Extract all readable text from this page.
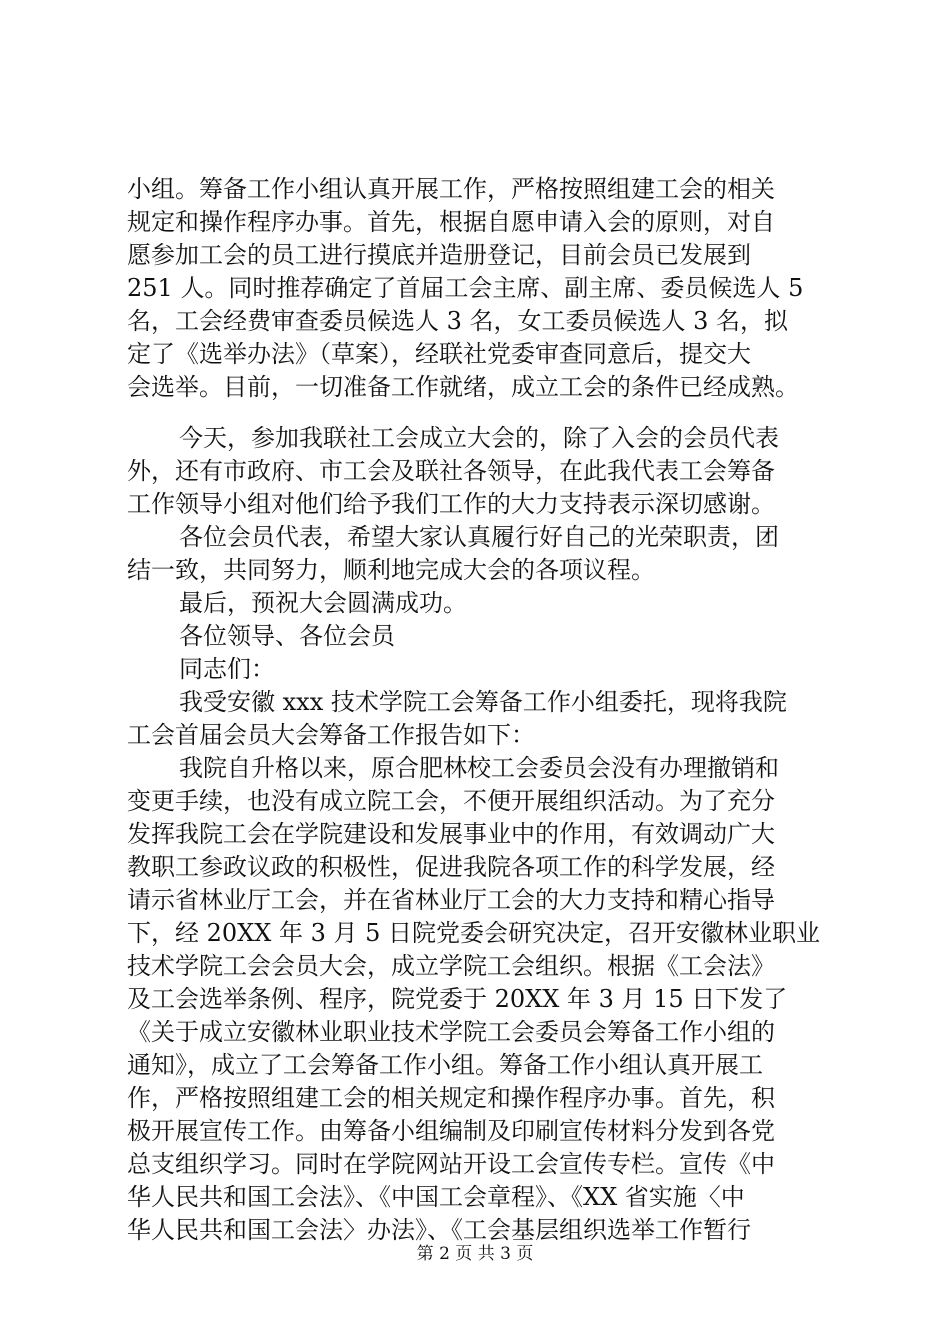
小组。筹备工作小组认真开展工作，严格按照组建工会的相关
规定和操作程序办事。首先，根据自愿申请入会的原则，对自
愿参加工会的员工进行摸底并造册登记，目前会员已发展到
251 人。同时推荐确定了首届工会主席、副主席、委员候选人 5
名，工会经费审查委员候选人 3 名，女工委员候选人 3 名，拟
定了《选举办法》（草案），经联社党委审查同意后，提交大
会选举。目前，一切准备工作就绪，成立工会的条件已经成熟。
今天，参加我联社工会成立大会的，除了入会的会员代表
外，还有市政府、市工会及联社各领导，在此我代表工会筹备
工作领导小组对他们给予我们工作的大力支持表示深切感谢。
各位会员代表，希望大家认真履行好自己的光荣职责，团
结一致，共同努力，顺利地完成大会的各项议程。
最后，预祝大会圆满成功。
各位领导、各位会员
同志们：
我受安徽 xxx 技术学院工会筹备工作小组委托，现将我院
工会首届会员大会筹备工作报告如下：
我院自升格以来，原合肥林校工会委员会没有办理撤销和
变更手续，也没有成立院工会，不便开展组织活动。为了充分
发挥我院工会在学院建设和发展事业中的作用，有效调动广大
教职工参政议政的积极性，促进我院各项工作的科学发展，经
请示省林业厅工会，并在省林业厅工会的大力支持和精心指导
下，经 20XX 年 3 月 5 日院党委会研究决定，召开安徽林业职业
技术学院工会会员大会，成立学院工会组织。根据《工会法》
及工会选举条例、程序，院党委于 20XX 年 3 月 15 日下发了
《关于成立安徽林业职业技术学院工会委员会筹备工作小组的
通知》，成立了工会筹备工作小组。筹备工作小组认真开展工
作，严格按照组建工会的相关规定和操作程序办事。首先，积
极开展宣传工作。由筹备小组编制及印刷宣传材料分发到各党
总支组织学习。同时在学院网站开设工会宣传专栏。宣传《中
华人民共和国工会法》、《中国工会章程》、《XX 省实施〈中
华人民共和国工会法〉办法》、《工会基层组织选举工作暂行
第 2 页 共 3 页
